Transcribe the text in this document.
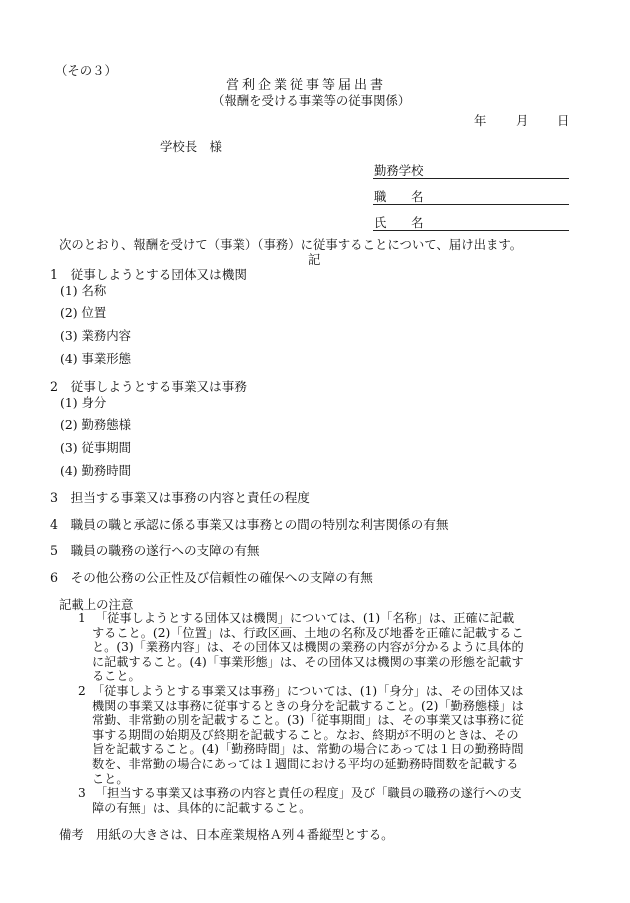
（その３）
営利企業従事等届出書
（報酬を受ける事業等の従事関係）
年 月 日
学校長　様
勤務学校
職　　名
氏　　名
次のとおり、報酬を受けて（事業）（事務）に従事することについて、届け出ます。
記
1　従事しようとする団体又は機関
(1) 名称
(2) 位置
(3) 業務内容
(4) 事業形態
2　従事しようとする事業又は事務
(1) 身分
(2) 勤務態様
(3) 従事期間
(4) 勤務時間
3　担当する事業又は事務の内容と責任の程度
4　職員の職と承認に係る事業又は事務との間の特別な利害関係の有無
5　職員の職務の遂行への支障の有無
6　その他公務の公正性及び信頼性の確保への支障の有無
記載上の注意
1 「従事しようとする団体又は機関」については、(1)「名称」は、正確に記載
すること。(2)「位置」は、行政区画、土地の名称及び地番を正確に記載するこ
と。(3)「業務内容」は、その団体又は機関の業務の内容が分かるように具体的
に記載すること。(4)「事業形態」は、その団体又は機関の事業の形態を記載す
ること。
2 「従事しようとする事業又は事務」については、(1)「身分」は、その団体又は
機関の事業又は事務に従事するときの身分を記載すること。(2)「勤務態様」は
常勤、非常勤の別を記載すること。(3)「従事期間」は、その事業又は事務に従
事する期間の始期及び終期を記載すること。なお、終期が不明のときは、その
旨を記載すること。(4)「勤務時間」は、常勤の場合にあっては１日の勤務時間
数を、非常勤の場合にあっては１週間における平均の延勤務時間数を記載する
こと。
3 「担当する事業又は事務の内容と責任の程度」及び「職員の職務の遂行への支
障の有無」は、具体的に記載すること。
備考　用紙の大きさは、日本産業規格Ａ列４番縦型とする。
